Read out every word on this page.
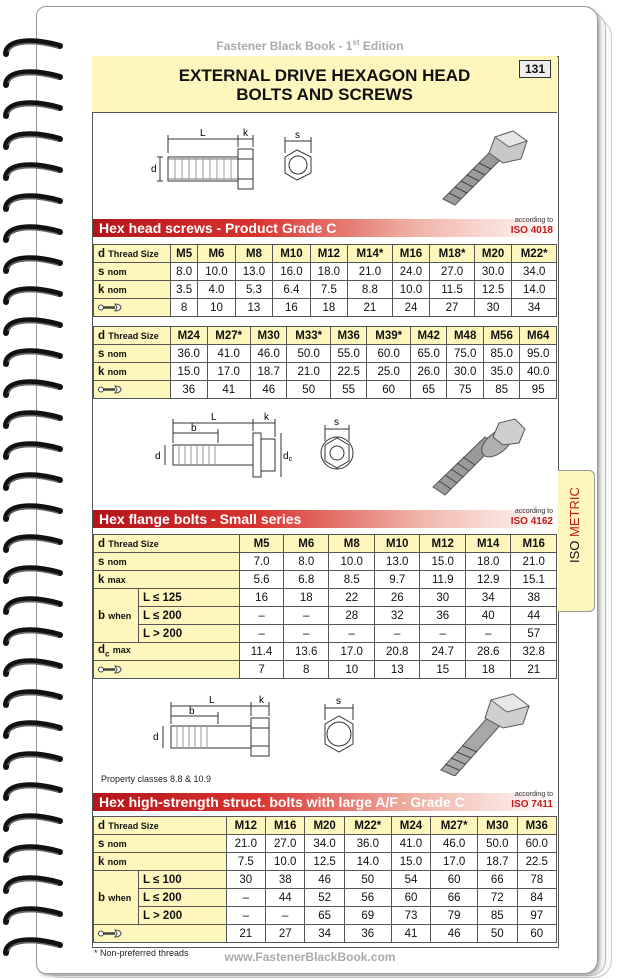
Fastener Black Book - 1st Edition
EXTERNAL DRIVE HEXAGON HEAD
BOLTS AND SCREWS
131
L	k	s
d
Hex head screws - Product Grade C	according to
ISO 4018
d Thread Size	M5	M6	M8	M10	M12	M14*	M16	M18*	M20	M22*
s nom	8.0	10.0	13.0	16.0	18.0	21.0	24.0	27.0	30.0	34.0
k nom	3.5	4.0	5.3	6.4	7.5	8.8	10.0	11.5	12.5	14.0
	8	10	13	16	18	21	24	27	30	34
d Thread Size	M24	M27*	M30	M33*	M36	M39*	M42	M48	M56	M64
s nom	36.0	41.0	46.0	50.0	55.0	60.0	65.0	75.0	85.0	95.0
k nom	15.0	17.0	18.7	21.0	22.5	25.0	26.0	30.0	35.0	40.0
	36	41	46	50	55	60	65	75	85	95
L
b
k	s
d	$d_c$
Hex flange bolts - Small series	according to
ISO 4162
d Thread Size		M5	M6	M8	M10	M12	M14	M16
s nom		7.0	8.0	10.0	13.0	15.0	18.0	21.0
k max		5.6	6.8	8.5	9.7	11.9	12.9	15.1
b when	L ≤ 125	16	18	22	26	30	34	38
	L ≤ 200	–	–	28	32	36	40	44
	L > 200	–	–	–	–	–	–	57
$d_c$ max		11.4	13.6	17.0	20.8	24.7	28.6	32.8
	7	8	10	13	15	18	21
L
b
k	s
d
Property classes 8.8 & 10.9
Hex high-strength struct. bolts with large A/F - Grade C	according to
ISO 7411
d Thread Size		M12	M16	M20	M22*	M24	M27*	M30	M36
s nom		21.0	27.0	34.0	36.0	41.0	46.0	50.0	60.0
k nom		7.5	10.0	12.5	14.0	15.0	17.0	18.7	22.5
b when	L ≤ 100	30	38	46	50	54	60	66	78
	L ≤ 200	–	44	52	56	60	66	72	84
	L > 200	–	–	65	69	73	79	85	97
	21	27	34	36	41	46	50	60
* Non-preferred threads	www.FastenerBlackBook.com
ISO METRIC
